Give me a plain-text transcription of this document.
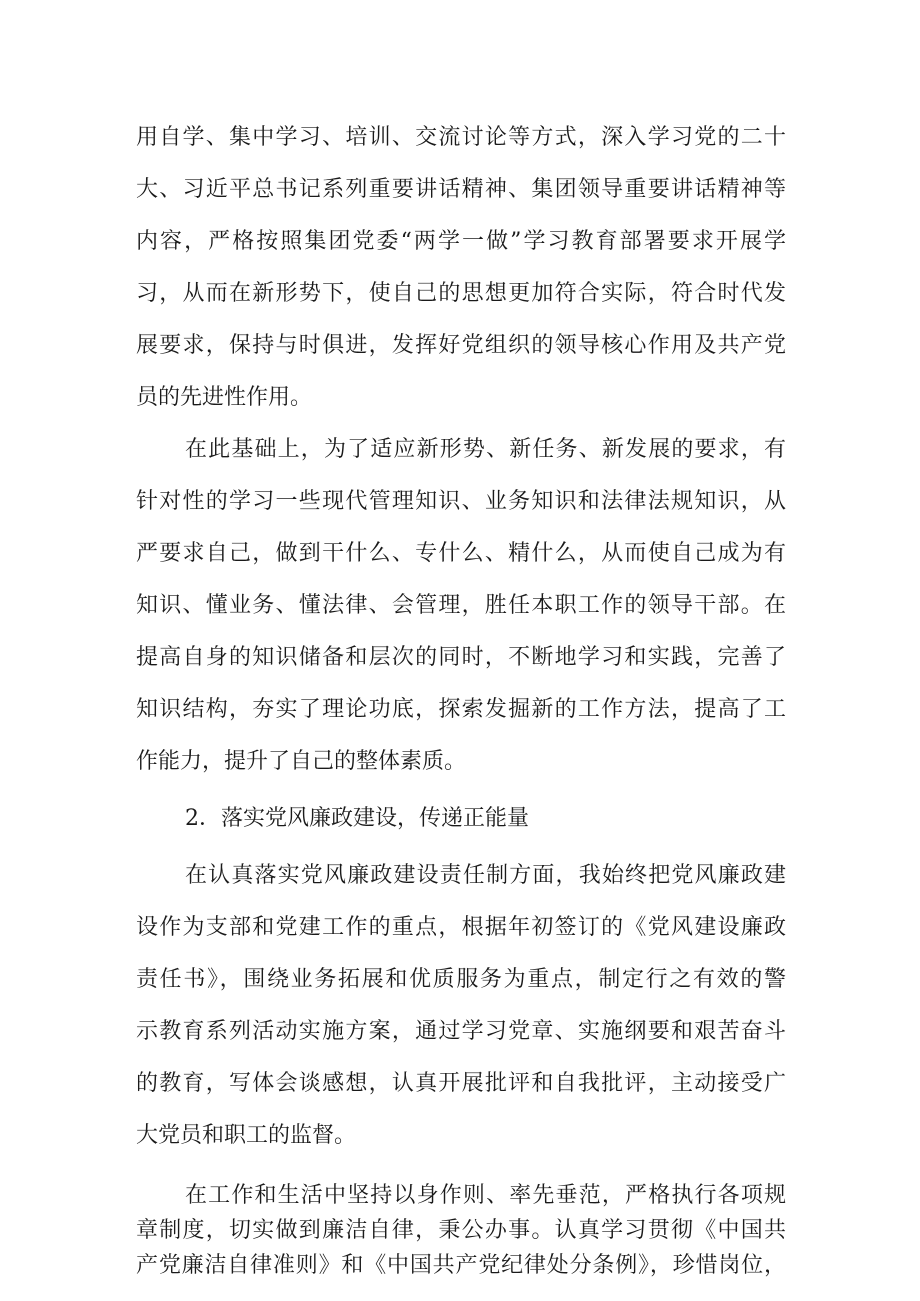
用自学、集中学习、培训、交流讨论等方式，深入学习党的二十
大、习近平总书记系列重要讲话精神、集团领导重要讲话精神等
内容，严格按照集团党委“两学一做”学习教育部署要求开展学
习，从而在新形势下，使自己的思想更加符合实际，符合时代发
展要求，保持与时俱进，发挥好党组织的领导核心作用及共产党
员的先进性作用。
在此基础上，为了适应新形势、新任务、新发展的要求，有
针对性的学习一些现代管理知识、业务知识和法律法规知识，从
严要求自己，做到干什么、专什么、精什么，从而使自己成为有
知识、懂业务、懂法律、会管理，胜任本职工作的领导干部。在
提高自身的知识储备和层次的同时，不断地学习和实践，完善了
知识结构，夯实了理论功底，探索发掘新的工作方法，提高了工
作能力，提升了自己的整体素质。
2．落实党风廉政建设，传递正能量
在认真落实党风廉政建设责任制方面，我始终把党风廉政建
设作为支部和党建工作的重点，根据年初签订的《党风建设廉政
责任书》，围绕业务拓展和优质服务为重点，制定行之有效的警
示教育系列活动实施方案，通过学习党章、实施纲要和艰苦奋斗
的教育，写体会谈感想，认真开展批评和自我批评，主动接受广
大党员和职工的监督。
在工作和生活中坚持以身作则、率先垂范，严格执行各项规
章制度，切实做到廉洁自律，秉公办事。认真学习贯彻《中国共
产党廉洁自律准则》和《中国共产党纪律处分条例》，珍惜岗位，
